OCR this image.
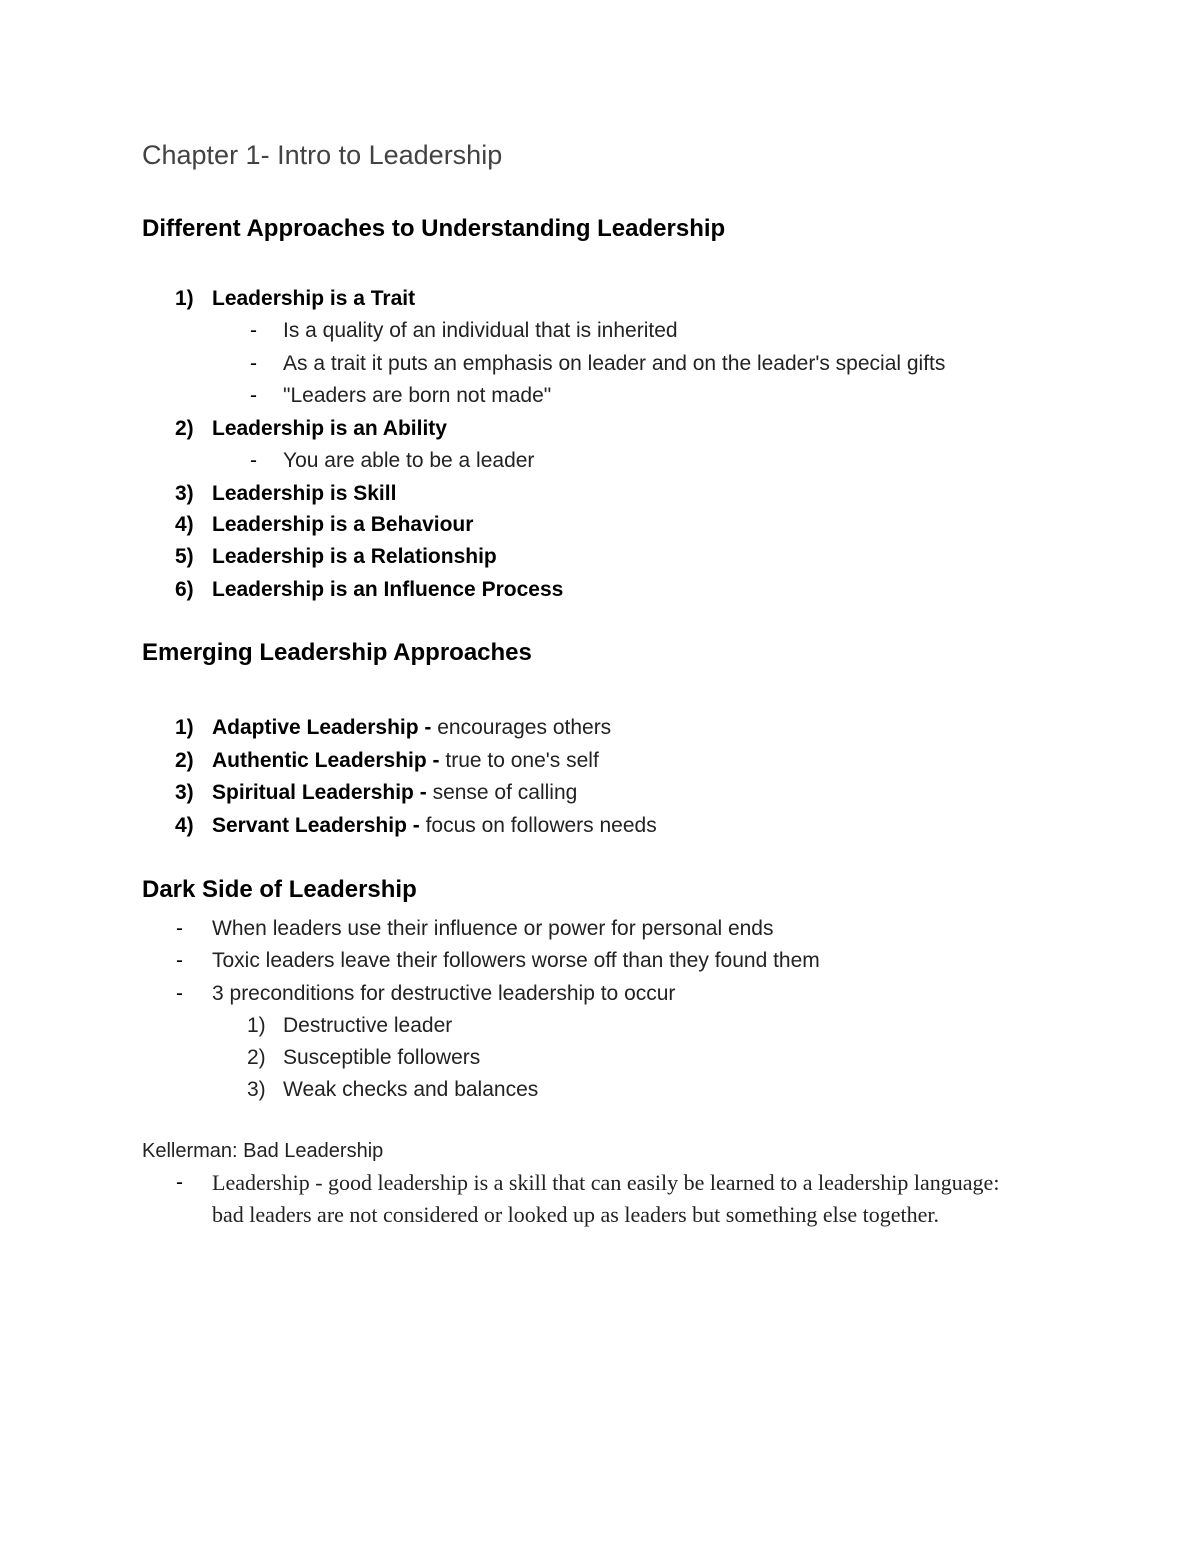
Chapter 1- Intro to Leadership
Different Approaches to Understanding Leadership
1) Leadership is a Trait
- Is a quality of an individual that is inherited
- As a trait it puts an emphasis on leader and on the leader's special gifts
- "Leaders are born not made"
2) Leadership is an Ability
- You are able to be a leader
3) Leadership is Skill
4) Leadership is a Behaviour
5) Leadership is a Relationship
6) Leadership is an Influence Process
Emerging Leadership Approaches
1) Adaptive Leadership - encourages others
2) Authentic Leadership - true to one's self
3) Spiritual Leadership - sense of calling
4) Servant Leadership - focus on followers needs
Dark Side of Leadership
- When leaders use their influence or power for personal ends
- Toxic leaders leave their followers worse off than they found them
- 3 preconditions for destructive leadership to occur
1) Destructive leader
2) Susceptible followers
3) Weak checks and balances
Kellerman: Bad Leadership
- Leadership - good leadership is a skill that can easily be learned to a leadership language:
bad leaders are not considered or looked up as leaders but something else together.
